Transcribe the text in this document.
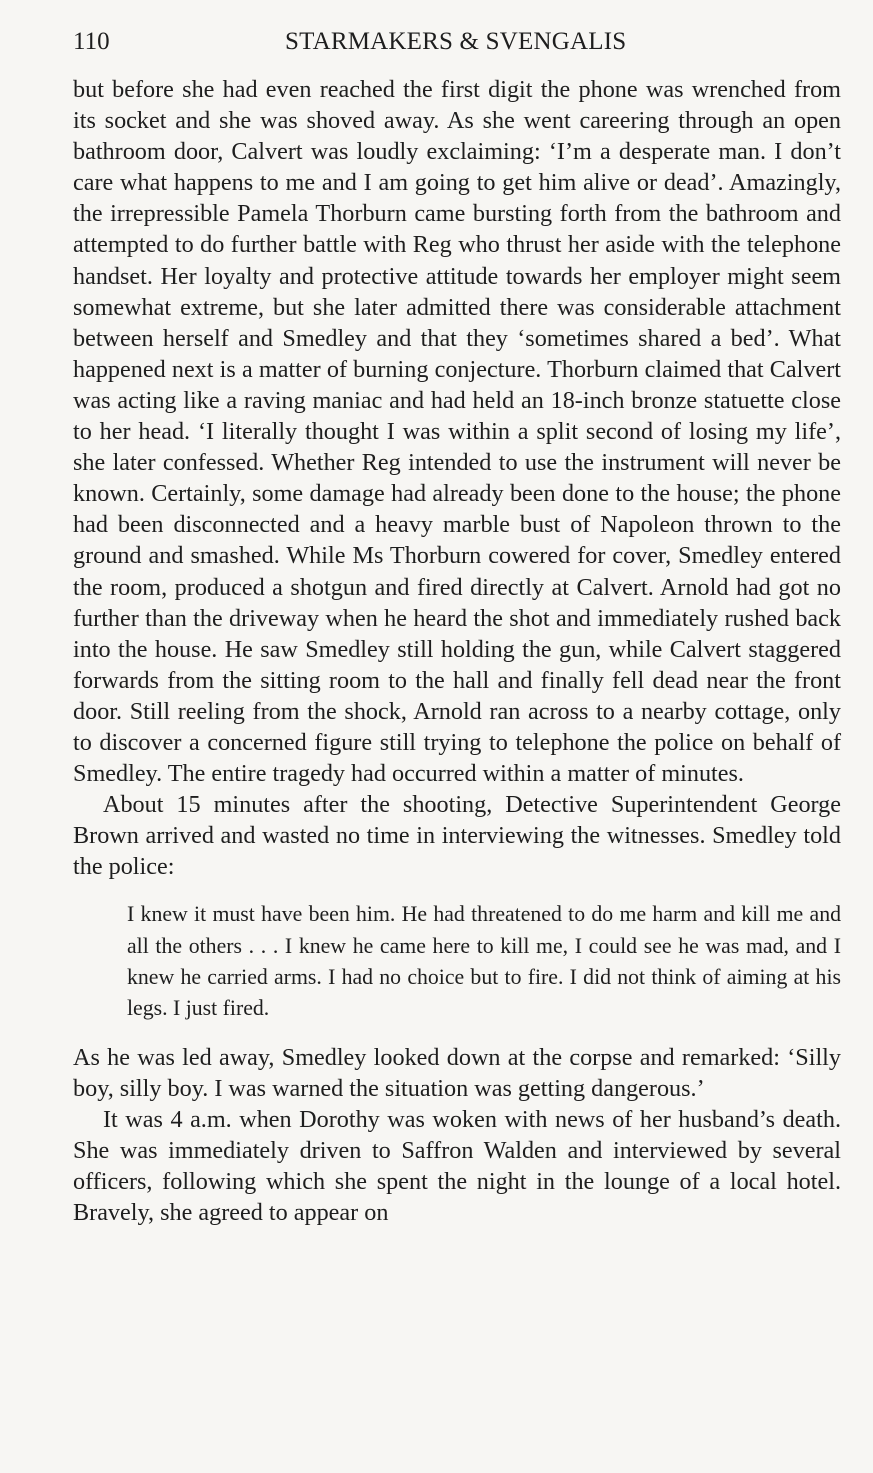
110	STARMAKERS & SVENGALIS

but before she had even reached the first digit the phone was wrenched from its socket and she was shoved away. As she went careering through an open bathroom door, Calvert was loudly exclaiming: ‘I’m a desperate man. I don’t care what happens to me and I am going to get him alive or dead’. Amazingly, the irrepressible Pamela Thorburn came bursting forth from the bathroom and attempted to do further battle with Reg who thrust her aside with the telephone handset. Her loyalty and protective attitude towards her employer might seem somewhat extreme, but she later admitted there was considerable attachment between herself and Smedley and that they ‘sometimes shared a bed’. What happened next is a matter of burning conjecture. Thorburn claimed that Calvert was acting like a raving maniac and had held an 18-inch bronze statuette close to her head. ‘I literally thought I was within a split second of losing my life’, she later confessed. Whether Reg intended to use the instrument will never be known. Certainly, some damage had already been done to the house; the phone had been disconnected and a heavy marble bust of Napoleon thrown to the ground and smashed. While Ms Thorburn cowered for cover, Smedley entered the room, produced a shotgun and fired directly at Calvert. Arnold had got no further than the driveway when he heard the shot and immediately rushed back into the house. He saw Smedley still holding the gun, while Calvert staggered forwards from the sitting room to the hall and finally fell dead near the front door. Still reeling from the shock, Arnold ran across to a nearby cottage, only to discover a concerned figure still trying to telephone the police on behalf of Smedley. The entire tragedy had occurred within a matter of minutes.

About 15 minutes after the shooting, Detective Superintendent George Brown arrived and wasted no time in interviewing the witnesses. Smedley told the police:

I knew it must have been him. He had threatened to do me harm and kill me and all the others . . . I knew he came here to kill me, I could see he was mad, and I knew he carried arms. I had no choice but to fire. I did not think of aiming at his legs. I just fired.

As he was led away, Smedley looked down at the corpse and remarked: ‘Silly boy, silly boy. I was warned the situation was getting dangerous.’

It was 4 a.m. when Dorothy was woken with news of her husband’s death. She was immediately driven to Saffron Walden and interviewed by several officers, following which she spent the night in the lounge of a local hotel. Bravely, she agreed to appear on
